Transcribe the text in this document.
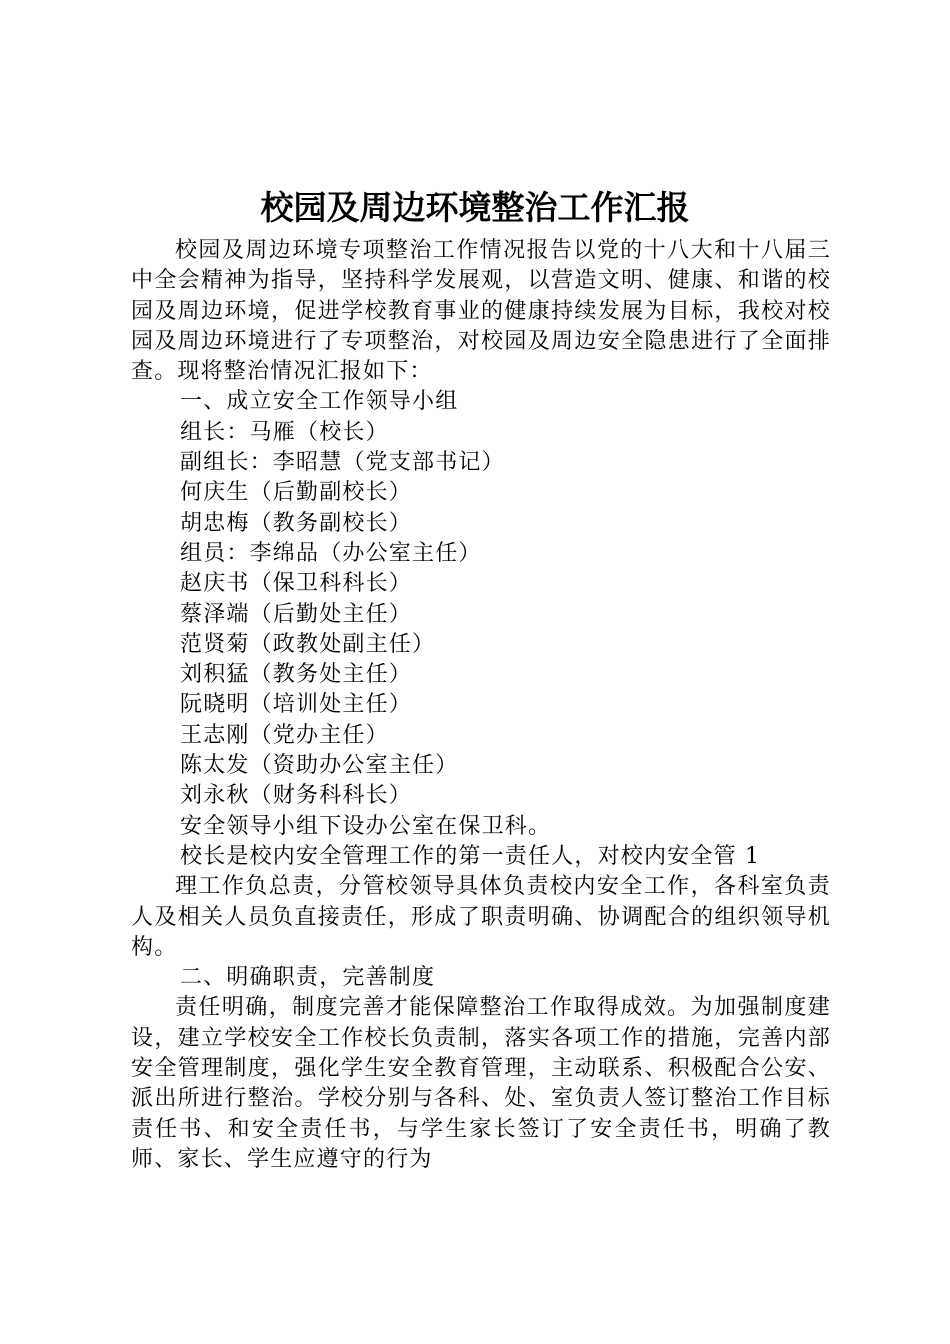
校园及周边环境整治工作汇报

校园及周边环境专项整治工作情况报告以党的十八大和十八届三中全会精神为指导，坚持科学发展观，以营造文明、健康、和谐的校园及周边环境，促进学校教育事业的健康持续发展为目标，我校对校园及周边环境进行了专项整治，对校园及周边安全隐患进行了全面排查。现将整治情况汇报如下：

一、成立安全工作领导小组

组长：马雁（校长）

副组长：李昭慧（党支部书记）

何庆生（后勤副校长）

胡忠梅（教务副校长）

组员：李绵品（办公室主任）

赵庆书（保卫科科长）

蔡泽端（后勤处主任）

范贤菊（政教处副主任）

刘积猛（教务处主任）

阮晓明（培训处主任）

王志刚（党办主任）

陈太发（资助办公室主任）

刘永秋（财务科科长）

安全领导小组下设办公室在保卫科。

校长是校内安全管理工作的第一责任人，对校内安全管 1

理工作负总责，分管校领导具体负责校内安全工作，各科室负责人及相关人员负直接责任，形成了职责明确、协调配合的组织领导机构。

二、明确职责，完善制度

责任明确，制度完善才能保障整治工作取得成效。为加强制度建设，建立学校安全工作校长负责制，落实各项工作的措施，完善内部安全管理制度，强化学生安全教育管理，主动联系、积极配合公安、派出所进行整治。学校分别与各科、处、室负责人签订整治工作目标责任书、和安全责任书，与学生家长签订了安全责任书，明确了教师、家长、学生应遵守的行为
